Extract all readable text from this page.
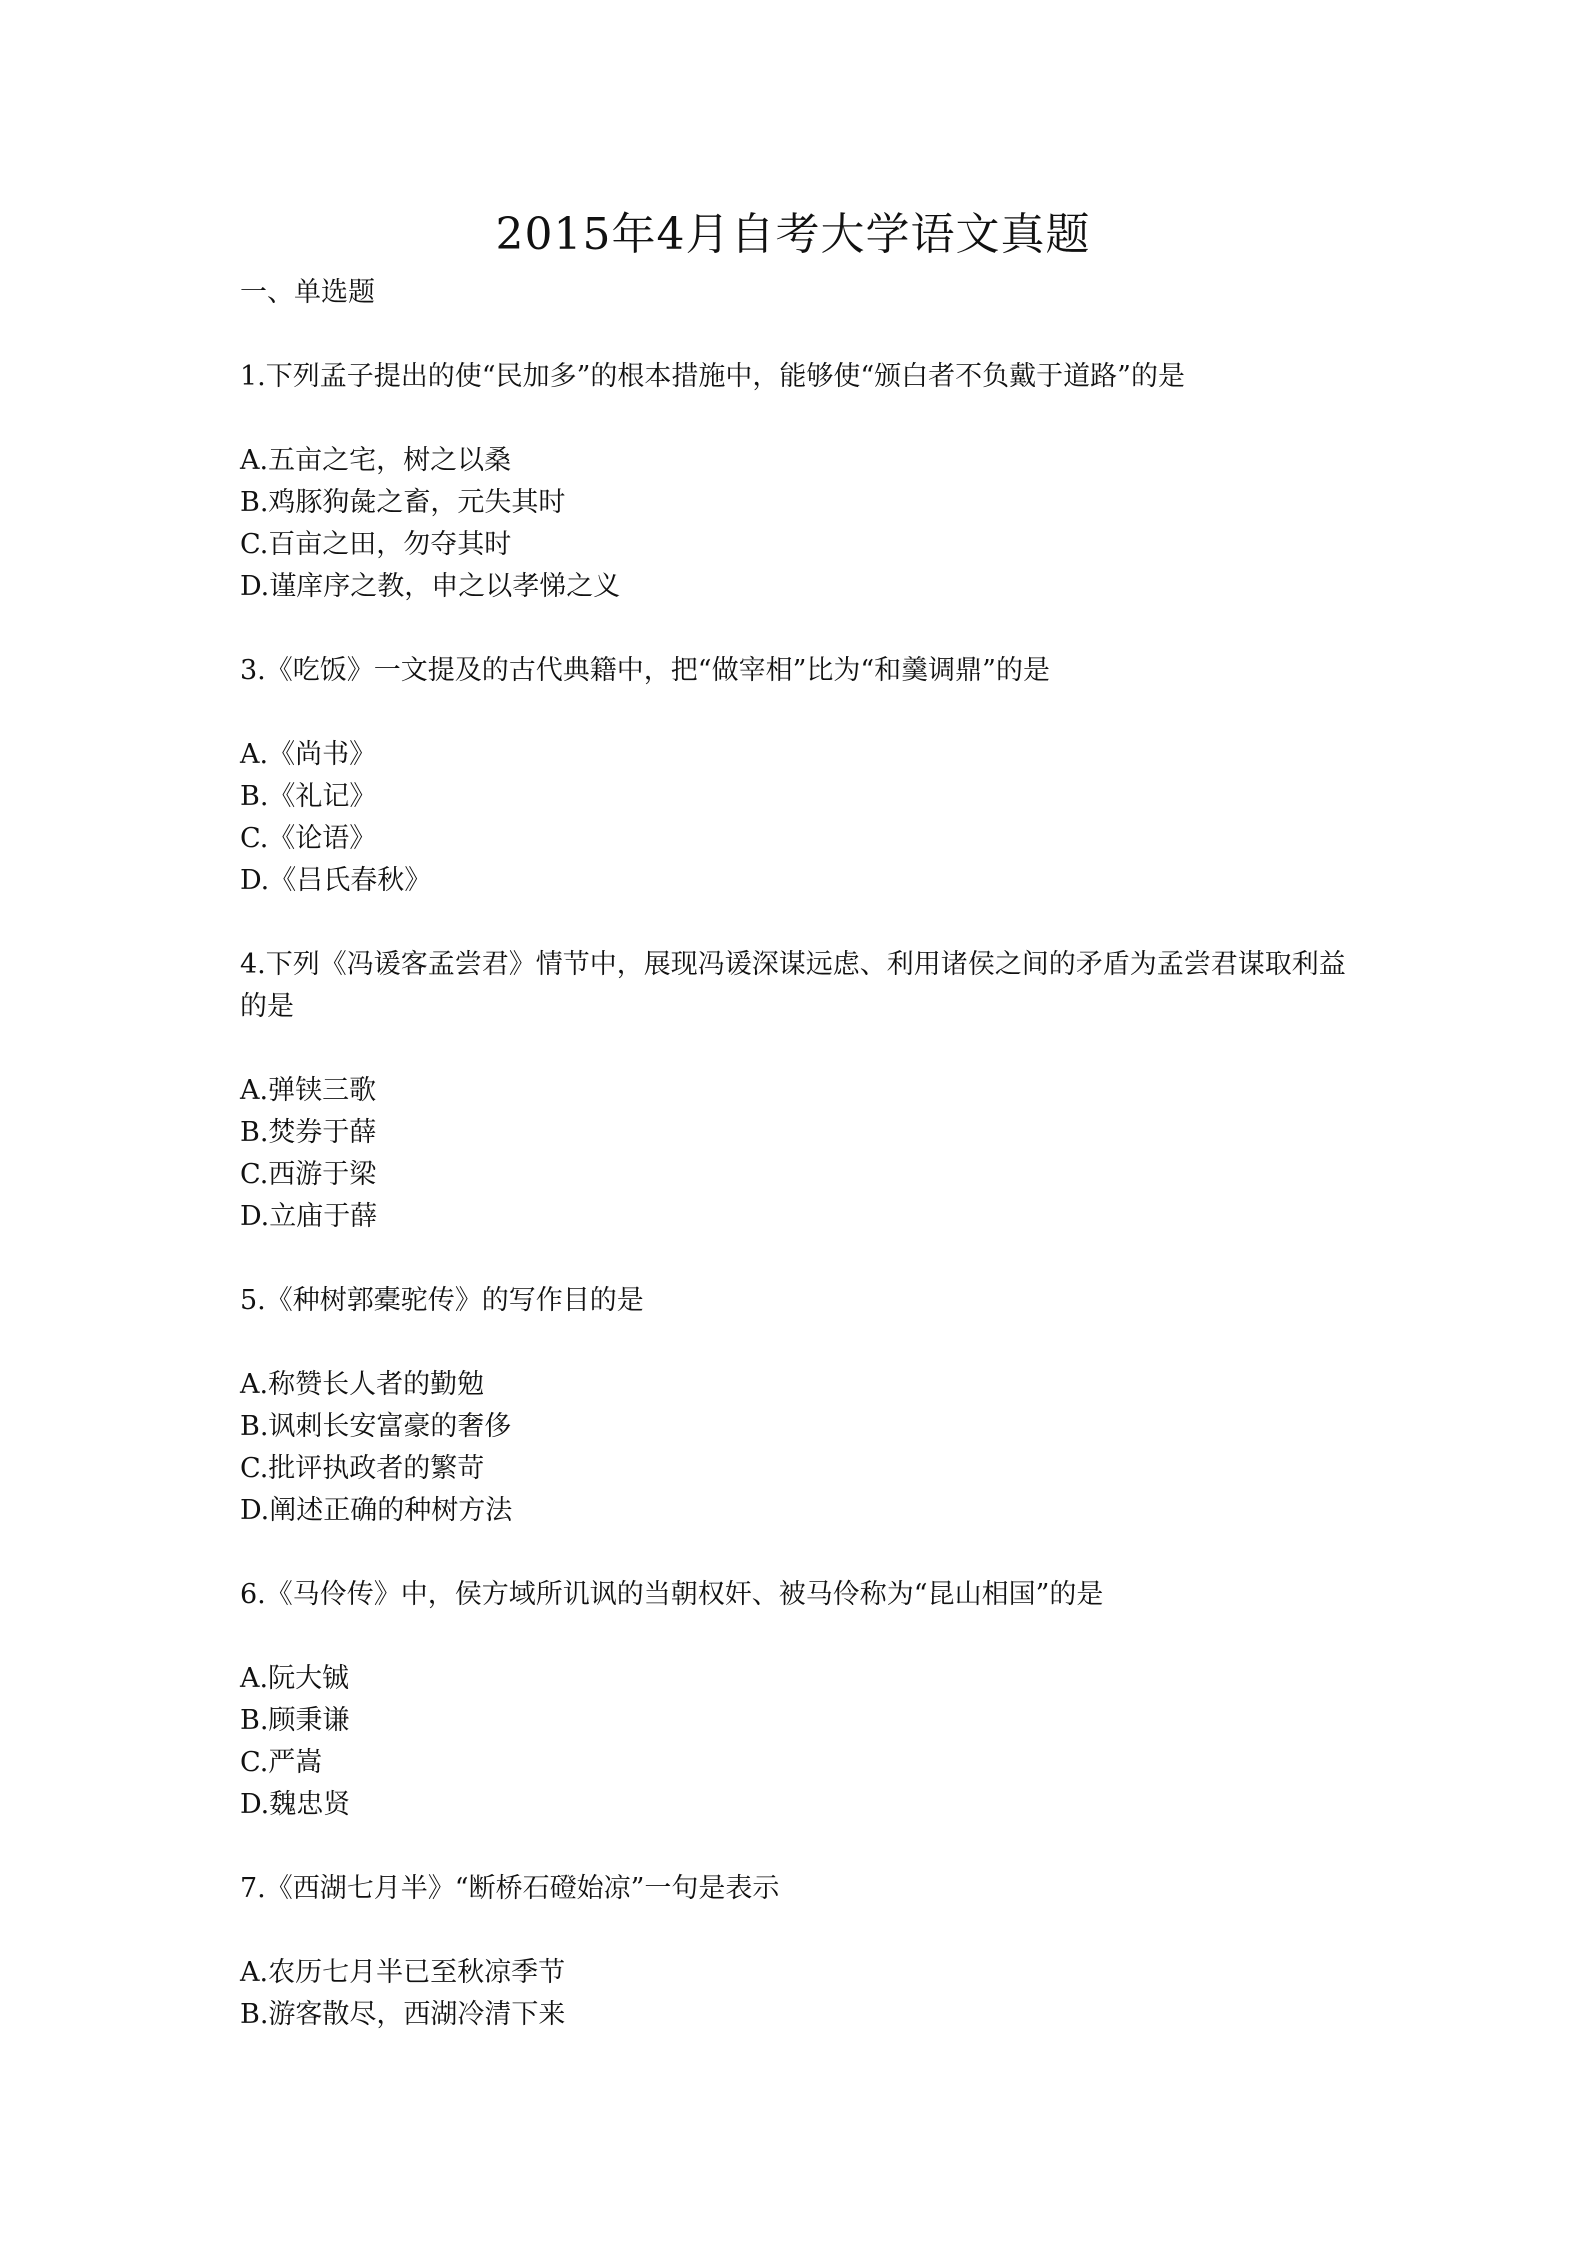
2015年4月自考大学语文真题
一、单选题
1.下列孟子提出的使“民加多”的根本措施中，能够使“颁白者不负戴于道路”的是
A.五亩之宅，树之以桑
B.鸡豚狗彘之畜，元失其时
C.百亩之田，勿夺其时
D.谨庠序之教，申之以孝悌之义
3.《吃饭》一文提及的古代典籍中，把“做宰相”比为“和羹调鼎”的是
A.《尚书》
B.《礼记》
C.《论语》
D.《吕氏春秋》
4.下列《冯谖客孟尝君》情节中，展现冯谖深谋远虑、利用诸侯之间的矛盾为孟尝君谋取利益的是
A.弹铗三歌
B.焚券于薛
C.西游于梁
D.立庙于薛
5.《种树郭橐驼传》的写作目的是
A.称赞长人者的勤勉
B.讽刺长安富豪的奢侈
C.批评执政者的繁苛
D.阐述正确的种树方法
6.《马伶传》中，侯方域所讥讽的当朝权奸、被马伶称为“昆山相国”的是
A.阮大铖
B.顾秉谦
C.严嵩
D.魏忠贤
7.《西湖七月半》“断桥石磴始凉”一句是表示
A.农历七月半已至秋凉季节
B.游客散尽，西湖冷清下来
